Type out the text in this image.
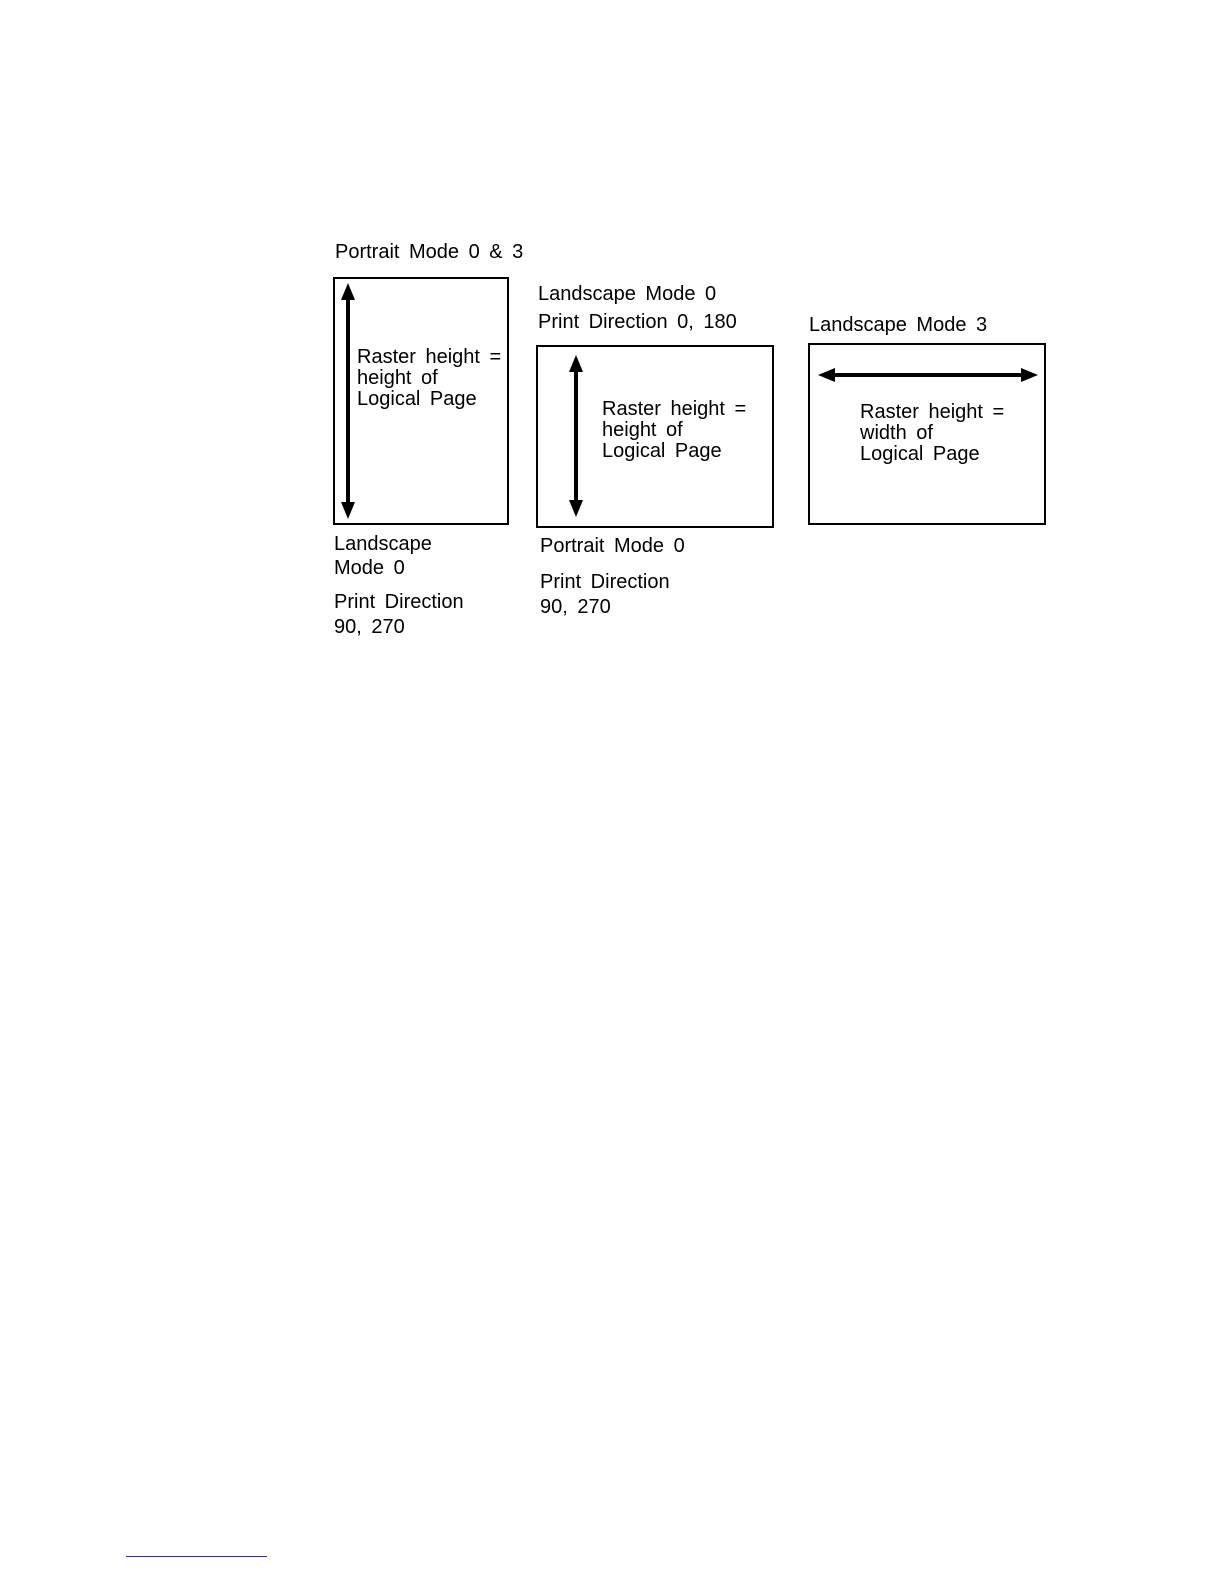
Portrait Mode 0 & 3
Raster height =
height of
Logical Page
Landscape
Mode 0
Print Direction
90, 270
Landscape Mode 0
Print Direction 0, 180
Raster height =
height of
Logical Page
Portrait Mode 0
Print Direction
90, 270
Landscape Mode 3
Raster height =
width of
Logical Page
